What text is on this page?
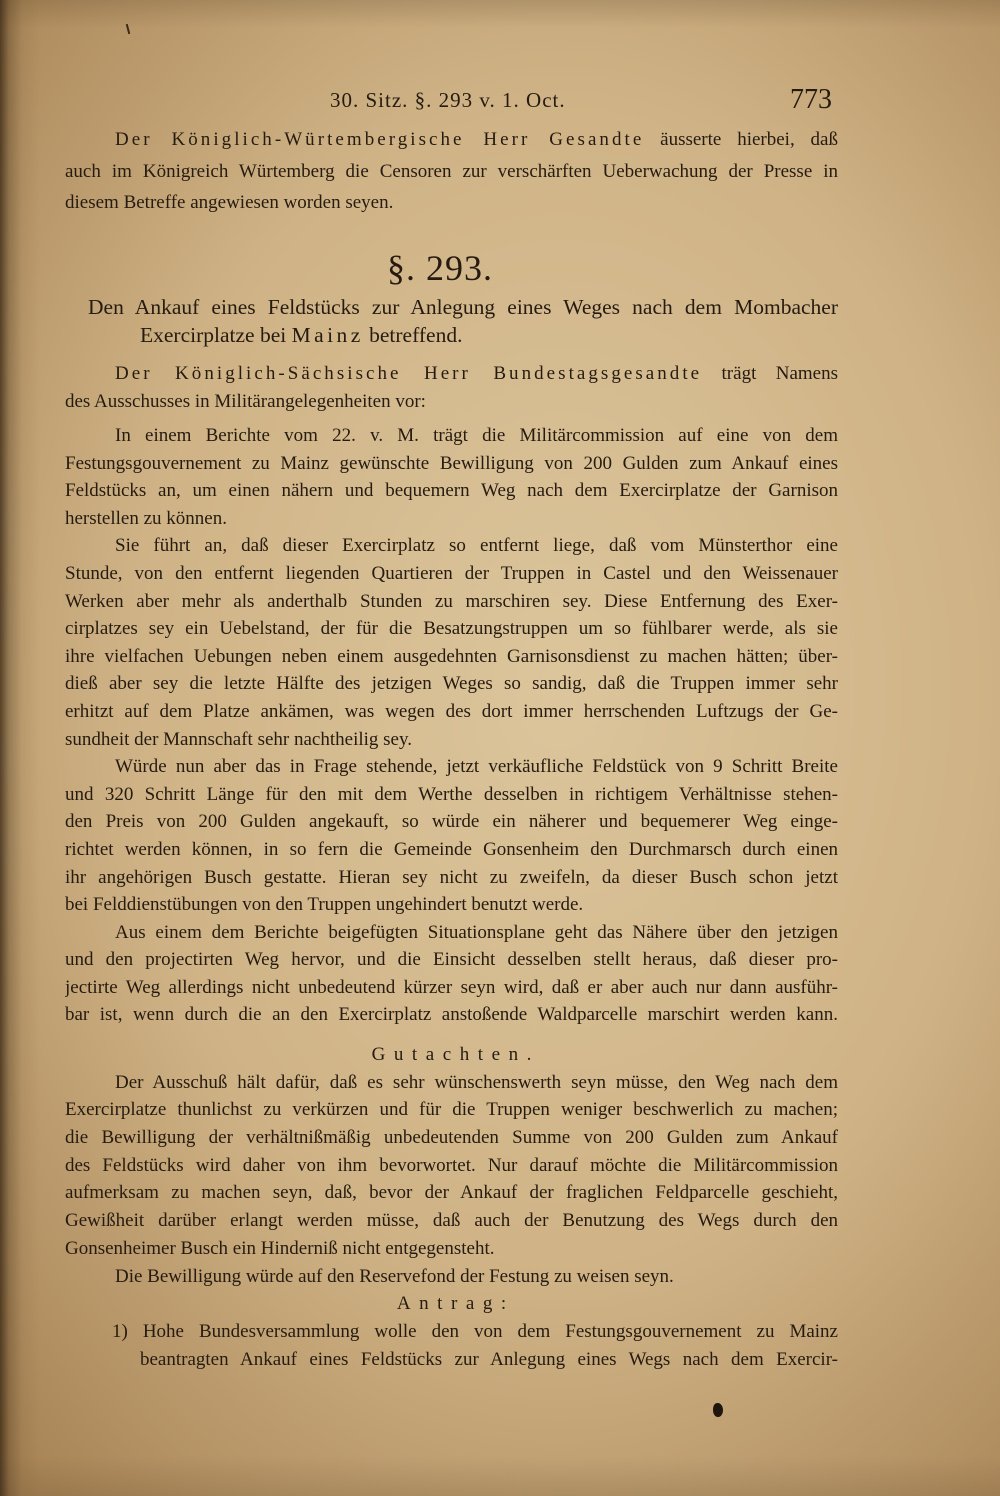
30. Sitz. §. 293 v. 1. Oct.	773
Der Königlich-Würtembergische Herr Gesandte äusserte hierbei, daß
auch im Königreich Würtemberg die Censoren zur verschärften Ueberwachung der Presse in
diesem Betreffe angewiesen worden seyen.
§. 293.
Den Ankauf eines Feldstücks zur Anlegung eines Weges nach dem Mombacher
Exercirplatze bei Mainz betreffend.
Der Königlich-Sächsische Herr Bundestagsgesandte trägt Namens
des Ausschusses in Militärangelegenheiten vor:
In einem Berichte vom 22. v. M. trägt die Militärcommission auf eine von dem
Festungsgouvernement zu Mainz gewünschte Bewilligung von 200 Gulden zum Ankauf eines
Feldstücks an, um einen nähern und bequemern Weg nach dem Exercirplatze der Garnison
herstellen zu können.
Sie führt an, daß dieser Exercirplatz so entfernt liege, daß vom Münsterthor eine
Stunde, von den entfernt liegenden Quartieren der Truppen in Castel und den Weissenauer
Werken aber mehr als anderthalb Stunden zu marschiren sey. Diese Entfernung des Exer-
cirplatzes sey ein Uebelstand, der für die Besatzungstruppen um so fühlbarer werde, als sie
ihre vielfachen Uebungen neben einem ausgedehnten Garnisonsdienst zu machen hätten; über-
dieß aber sey die letzte Hälfte des jetzigen Weges so sandig, daß die Truppen immer sehr
erhitzt auf dem Platze ankämen, was wegen des dort immer herrschenden Luftzugs der Ge-
sundheit der Mannschaft sehr nachtheilig sey.
Würde nun aber das in Frage stehende, jetzt verkäufliche Feldstück von 9 Schritt Breite
und 320 Schritt Länge für den mit dem Werthe desselben in richtigem Verhältnisse stehen-
den Preis von 200 Gulden angekauft, so würde ein näherer und bequemerer Weg einge-
richtet werden können, in so fern die Gemeinde Gonsenheim den Durchmarsch durch einen
ihr angehörigen Busch gestatte. Hieran sey nicht zu zweifeln, da dieser Busch schon jetzt
bei Felddienstübungen von den Truppen ungehindert benutzt werde.
Aus einem dem Berichte beigefügten Situationsplane geht das Nähere über den jetzigen
und den projectirten Weg hervor, und die Einsicht desselben stellt heraus, daß dieser pro-
jectirte Weg allerdings nicht unbedeutend kürzer seyn wird, daß er aber auch nur dann ausführ-
bar ist, wenn durch die an den Exercirplatz anstoßende Waldparcelle marschirt werden kann.
Gutachten.
Der Ausschuß hält dafür, daß es sehr wünschenswerth seyn müsse, den Weg nach dem
Exercirplatze thunlichst zu verkürzen und für die Truppen weniger beschwerlich zu machen;
die Bewilligung der verhältnißmäßig unbedeutenden Summe von 200 Gulden zum Ankauf
des Feldstücks wird daher von ihm bevorwortet. Nur darauf möchte die Militärcommission
aufmerksam zu machen seyn, daß, bevor der Ankauf der fraglichen Feldparcelle geschieht,
Gewißheit darüber erlangt werden müsse, daß auch der Benutzung des Wegs durch den
Gonsenheimer Busch ein Hinderniß nicht entgegensteht.
Die Bewilligung würde auf den Reservefond der Festung zu weisen seyn.
Antrag:
1) Hohe Bundesversammlung wolle den von dem Festungsgouvernement zu Mainz
beantragten Ankauf eines Feldstücks zur Anlegung eines Wegs nach dem Exercir-
